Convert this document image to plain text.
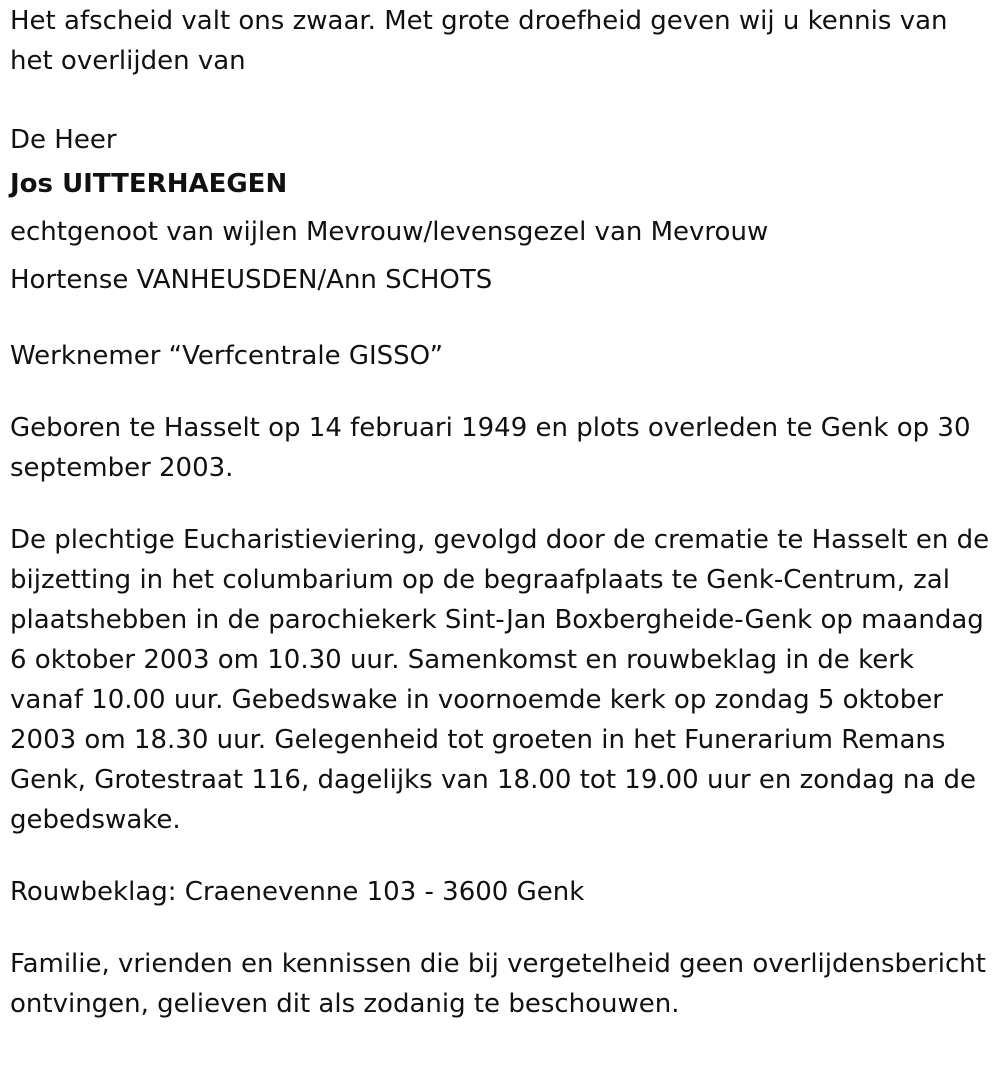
Het afscheid valt ons zwaar. Met grote droefheid geven wij u kennis van het overlijden van

De Heer

Jos UITTERHAEGEN

echtgenoot van wijlen Mevrouw/levensgezel van Mevrouw

Hortense VANHEUSDEN/Ann SCHOTS

Werknemer “Verfcentrale GISSO”

Geboren te Hasselt op 14 februari 1949 en plots overleden te Genk op 30 september 2003.

De plechtige Eucharistieviering, gevolgd door de crematie te Hasselt en de bijzetting in het columbarium op de begraafplaats te Genk-Centrum, zal plaatshebben in de parochiekerk Sint-Jan Boxbergheide-Genk op maandag 6 oktober 2003 om 10.30 uur. Samenkomst en rouwbeklag in de kerk vanaf 10.00 uur. Gebedswake in voornoemde kerk op zondag 5 oktober 2003 om 18.30 uur. Gelegenheid tot groeten in het Funerarium Remans Genk, Grotestraat 116, dagelijks van 18.00 tot 19.00 uur en zondag na de gebedswake.

Rouwbeklag: Craenevenne 103 - 3600 Genk

Familie, vrienden en kennissen die bij vergetelheid geen overlijdensbericht ontvingen, gelieven dit als zodanig te beschouwen.
